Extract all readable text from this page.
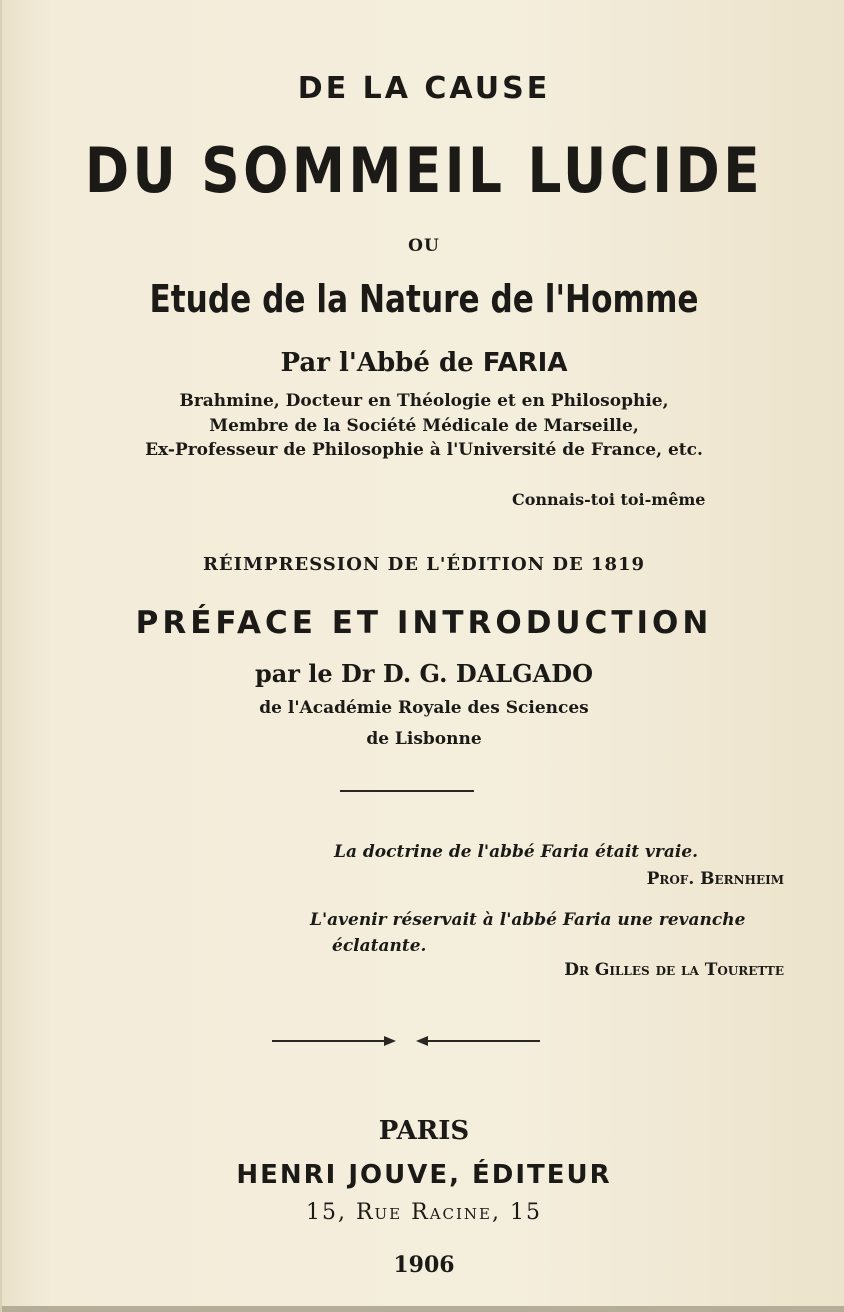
DE LA CAUSE

DU SOMMEIL LUCIDE

OU

Etude de la Nature de l'Homme

Par l'Abbé de FARIA

Brahmine, Docteur en Théologie et en Philosophie,

Membre de la Société Médicale de Marseille,

Ex-Professeur de Philosophie à l'Université de France, etc.

Connais-toi toi-même

RÉIMPRESSION DE L'ÉDITION DE 1819

PRÉFACE ET INTRODUCTION

par le Dr D. G. DALGADO

de l'Académie Royale des Sciences

de Lisbonne

La doctrine de l'abbé Faria était vraie.

Prof. Bernheim

L'avenir réservait à l'abbé Faria une revanche

éclatante.

Dr Gilles de la Tourette

PARIS

HENRI JOUVE, ÉDITEUR

15, Rue Racine, 15

1906
